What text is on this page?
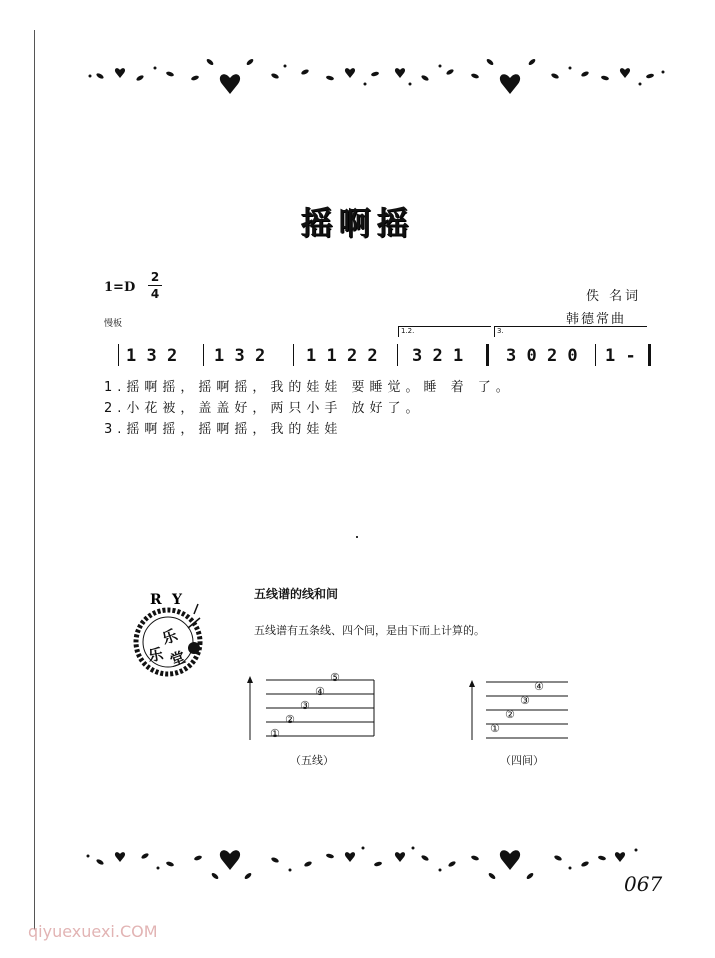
摇啊摇
1=D
2
4
慢板
佚 名词
韩德常曲
1 3 2 1 3 2 1 1 2 2
1.2.
3 2 1
3.
3 0 2 0 1 -
1.摇啊摇，摇啊摇，我的娃娃 要睡觉。睡 着 了。
2.小花被，盖盖好，两只小手 放好了。
3.摇啊摇，摇啊摇，我的娃娃
R Y
乐
乐 堂
五线谱的线和间
五线谱有五条线、四个间，是由下而上计算的。
①
②
③
④
⑤
（五线）
①
②
③
④
（四间）
067
qiyuexuexi.COM
